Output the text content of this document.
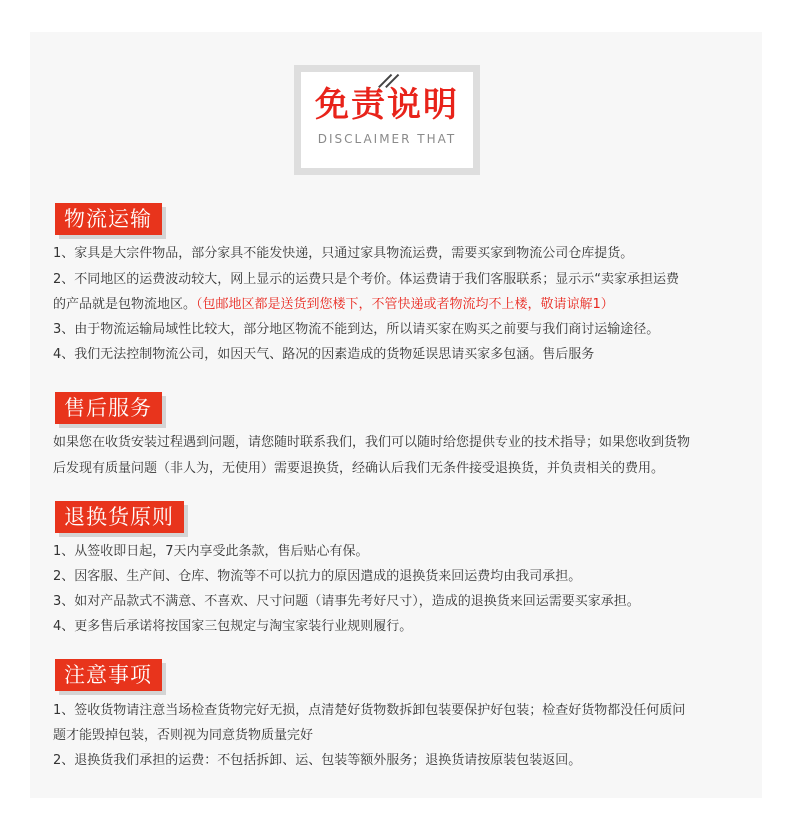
免责说明
DISCLAIMER THAT
物流运输
1、家具是大宗件物品，部分家具不能发快递，只通过家具物流运费，需要买家到物流公司仓库提货。
2、不同地区的运费波动较大，网上显示的运费只是个考价。体运费请于我们客服联系；显示示“卖家承担运费
的产品就是包物流地区。（包邮地区都是送货到您楼下，不管快递或者物流均不上楼，敬请谅解1）
3、由于物流运输局域性比较大，部分地区物流不能到达，所以请买家在购买之前要与我们商讨运输途径。
4、我们无法控制物流公司，如因天气、路况的因素造成的货物延误思请买家多包涵。售后服务
售后服务
如果您在收货安装过程遇到问题，请您随时联系我们，我们可以随时给您提供专业的技术指导；如果您收到货物
后发现有质量问题（非人为，无使用）需要退换货，经确认后我们无条件接受退换货，并负责相关的费用。
退换货原则
1、从签收即日起，7天内享受此条款，售后贴心有保。
2、因客服、生产间、仓库、物流等不可以抗力的原因遣成的退换货来回运费均由我司承担。
3、如对产品款式不满意、不喜欢、尺寸问题（请事先考好尺寸），造成的退换货来回运需要买家承担。
4、更多售后承诺将按国家三包规定与淘宝家装行业规则履行。
注意事项
1、签收货物请注意当场检查货物完好无损，点清楚好货物数拆卸包装要保护好包装；检查好货物都没任何质问
题才能毁掉包装，否则视为同意货物质量完好
2、退换货我们承担的运费：不包括拆卸、运、包装等额外服务；退换货请按原装包装返回。
